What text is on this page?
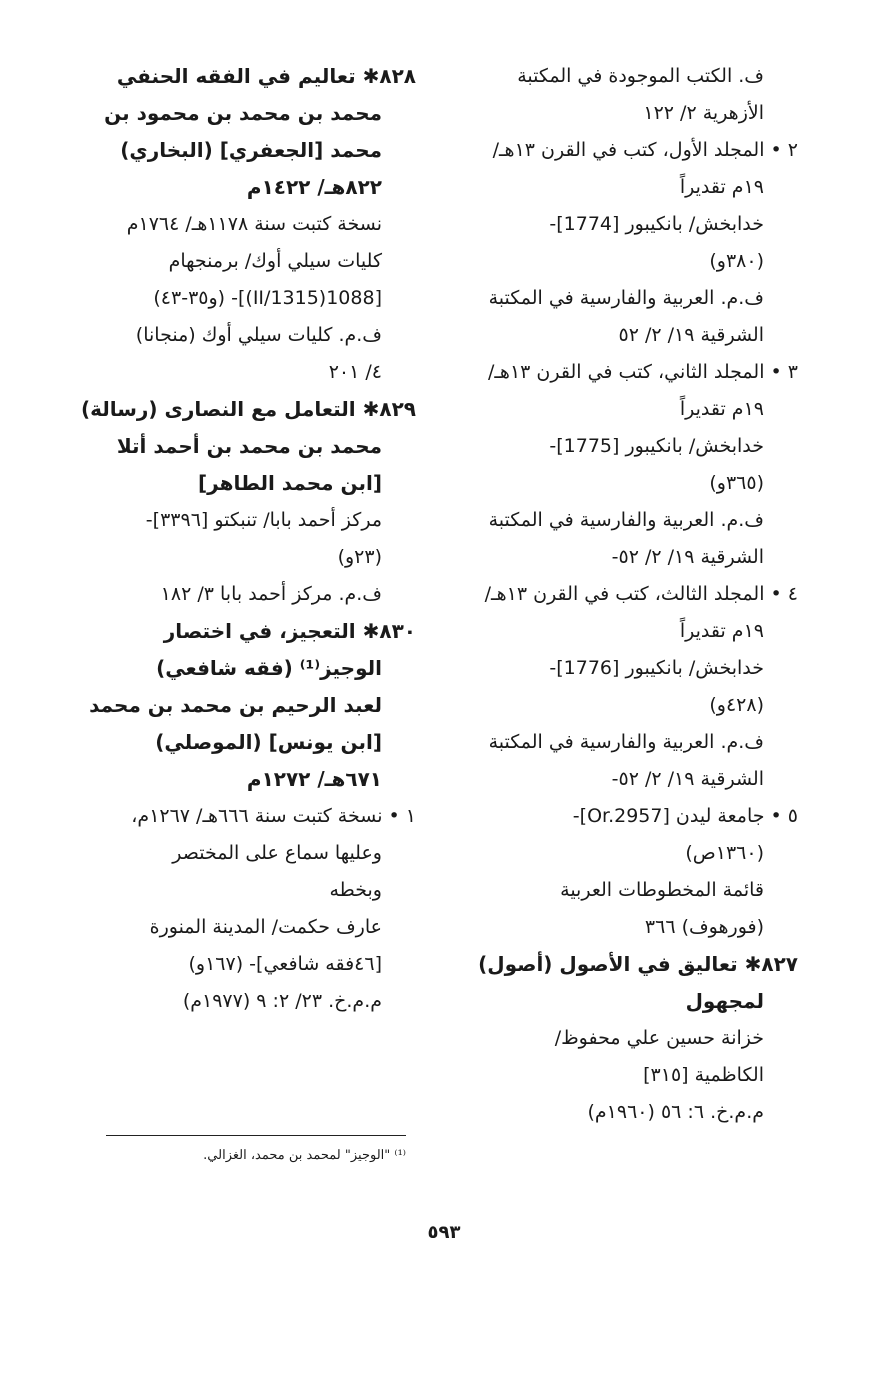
ف. الكتب الموجودة في المكتبة
الأزهرية ٢/ ١٢٢
٢ • المجلد الأول، كتب في القرن ١٣هـ/
١٩م تقديراً
خدابخش/ بانكيبور [1774]-
(٣٨٠و)
ف.م. العربية والفارسية في المكتبة
الشرقية ١٩/ ٢/ ٥٢
٣ • المجلد الثاني، كتب في القرن ١٣هـ/
١٩م تقديراً
خدابخش/ بانكيبور [1775]-
(٣٦٥و)
ف.م. العربية والفارسية في المكتبة
الشرقية ١٩/ ٢/ ٥٢-
٤ • المجلد الثالث، كتب في القرن ١٣هـ/
١٩م تقديراً
خدابخش/ بانكيبور [1776]-
(٤٢٨و)
ف.م. العربية والفارسية في المكتبة
الشرقية ١٩/ ٢/ ٥٢-
٥ • جامعة ليدن [Or.2957]-
(١٣٦٠ص)
قائمة المخطوطات العربية
(فورهوف) ٣٦٦
٨٢٧✱ تعاليق في الأصول (أصول)
لمجهول
خزانة حسين علي محفوظ/
الكاظمية [٣١٥]
م.م.خ. ٦: ٥٦ (١٩٦٠م)
٨٢٨✱ تعاليم في الفقه الحنفي
محمد بن محمد بن محمود بن
محمد [الجعفري] (البخاري)
٨٢٢هـ/ ١٤٢٢م
نسخة كتبت سنة ١١٧٨هـ/ ١٧٦٤م
كليات سيلي أوك/ برمنجهام
[1088(1315/II)]- (و٣٥-٤٣)
ف.م. كليات سيلي أوك (منجانا)
٤/ ٢٠١
٨٢٩✱ التعامل مع النصارى (رسالة)
محمد بن محمد بن أحمد أتلا
[ابن محمد الطاهر]
مركز أحمد بابا/ تنبكتو [٣٣٩٦]-
(٢٣و)
ف.م. مركز أحمد بابا ٣/ ١٨٢
٨٣٠✱ التعجيز، في اختصار
الوجيز⁽¹⁾ (فقه شافعي)
لعبد الرحيم بن محمد بن محمد
[ابن يونس] (الموصلي)
٦٧١هـ/ ١٢٧٢م
١ • نسخة كتبت سنة ٦٦٦هـ/ ١٢٦٧م،
وعليها سماع على المختصر
وبخطه
عارف حكمت/ المدينة المنورة
[٤٦فقه شافعي]- (١٦٧و)
م.م.خ. ٢٣/ ٢: ٩ (١٩٧٧م)
⁽¹⁾ "الوجيز" لمحمد بن محمد، الغزالي.
٥٩٣
